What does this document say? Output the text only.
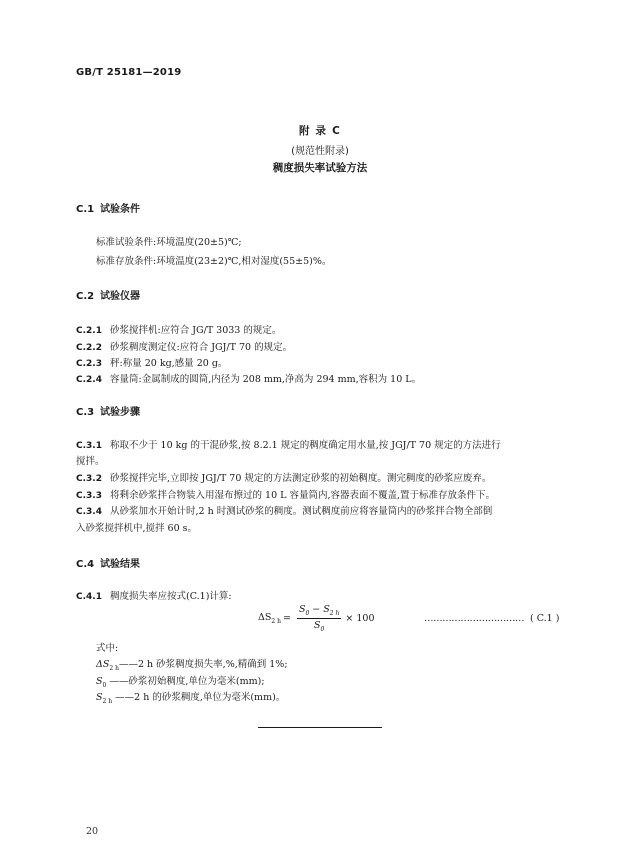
GB/T 25181—2019
附 录 C
(规范性附录)
稠度损失率试验方法
C.1 试验条件
标准试验条件:环境温度(20±5)℃;
标准存放条件:环境温度(23±2)℃,相对湿度(55±5)%。
C.2 试验仪器
C.2.1 砂浆搅拌机:应符合 JG/T 3033 的规定。
C.2.2 砂浆稠度测定仪:应符合 JGJ/T 70 的规定。
C.2.3 秤:称量 20 kg,感量 20 g。
C.2.4 容量筒:金属制成的圆筒,内径为 208 mm,净高为 294 mm,容积为 10 L。
C.3 试验步骤
C.3.1 称取不少于 10 kg 的干混砂浆,按 8.2.1 规定的稠度确定用水量,按 JGJ/T 70 规定的方法进行
搅拌。
C.3.2 砂浆搅拌完毕,立即按 JGJ/T 70 规定的方法测定砂浆的初始稠度。测完稠度的砂浆应废弃。
C.3.3 将剩余砂浆拌合物装入用湿布擦过的 10 L 容量筒内,容器表面不覆盖,置于标准存放条件下。
C.3.4 从砂浆加水开始计时,2 h 时测试砂浆的稠度。测试稠度前应将容量筒内的砂浆拌合物全部倒
入砂浆搅拌机中,搅拌 60 s。
C.4 试验结果
C.4.1 稠度损失率应按式(C.1)计算:
$\Delta S_{2 h} = \frac{S_0 - S_{2 h}}{S_0} \times 100$	…………………………… ( C.1 )
式中:
$\Delta S_{2 h}——2$ h 砂浆稠度损失率,%,精确到 1%;
$S_0$ ——砂浆初始稠度,单位为毫米(mm);
$S_{2 h}$ ——2 h 的砂浆稠度,单位为毫米(mm)。
20
